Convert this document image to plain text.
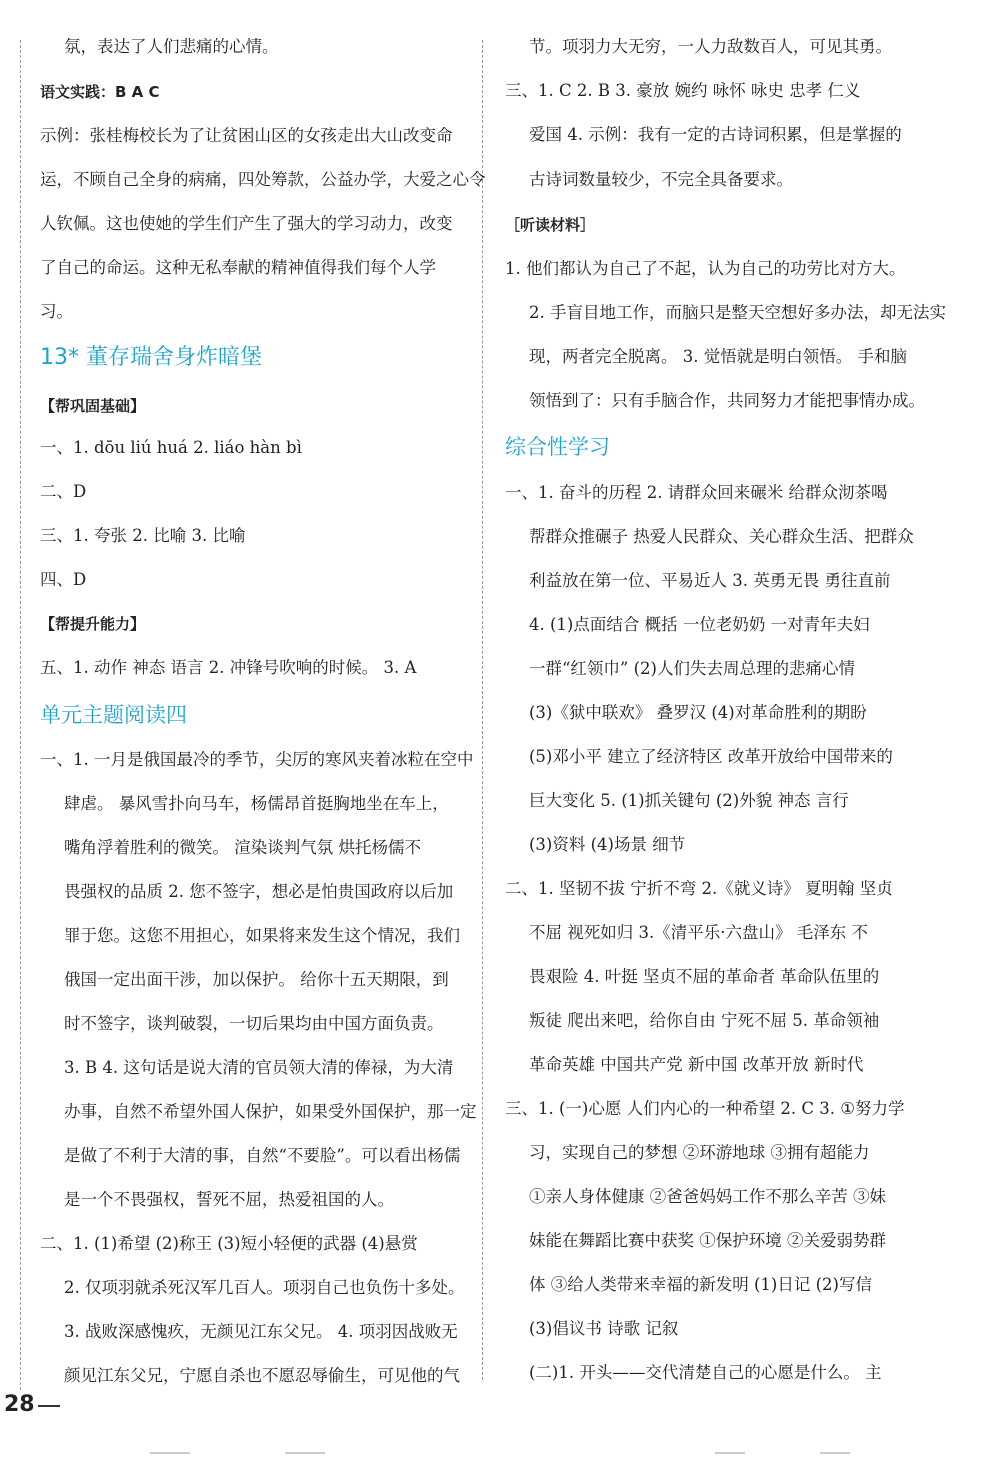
氛，表达了人们悲痛的心情。
语文实践：B A C
示例：张桂梅校长为了让贫困山区的女孩走出大山改变命
运，不顾自己全身的病痛，四处筹款，公益办学，大爱之心令
人钦佩。这也使她的学生们产生了强大的学习动力，改变
了自己的命运。这种无私奉献的精神值得我们每个人学
习。
13* 董存瑞舍身炸暗堡
【帮巩固基础】
一、1. dōu liú huá 2. liáo hàn bì
二、D
三、1. 夸张 2. 比喻 3. 比喻
四、D
【帮提升能力】
五、1. 动作 神态 语言 2. 冲锋号吹响的时候。 3. A
单元主题阅读四
一、1. 一月是俄国最冷的季节，尖厉的寒风夹着冰粒在空中
肆虐。 暴风雪扑向马车，杨儒昂首挺胸地坐在车上，
嘴角浮着胜利的微笑。 渲染谈判气氛 烘托杨儒不
畏强权的品质 2. 您不签字，想必是怕贵国政府以后加
罪于您。这您不用担心，如果将来发生这个情况，我们
俄国一定出面干涉，加以保护。 给你十五天期限，到
时不签字，谈判破裂，一切后果均由中国方面负责。
3. B 4. 这句话是说大清的官员领大清的俸禄，为大清
办事，自然不希望外国人保护，如果受外国保护，那一定
是做了不利于大清的事，自然“不要脸”。可以看出杨儒
是一个不畏强权，誓死不屈，热爱祖国的人。
二、1. (1)希望 (2)称王 (3)短小轻便的武器 (4)悬赏
2. 仅项羽就杀死汉军几百人。项羽自己也负伤十多处。
3. 战败深感愧疚，无颜见江东父兄。 4. 项羽因战败无
颜见江东父兄，宁愿自杀也不愿忍辱偷生，可见他的气
节。项羽力大无穷，一人力敌数百人，可见其勇。
三、1. C 2. B 3. 豪放 婉约 咏怀 咏史 忠孝 仁义
爱国 4. 示例：我有一定的古诗词积累，但是掌握的
古诗词数量较少，不完全具备要求。
［听读材料］
1. 他们都认为自己了不起，认为自己的功劳比对方大。
2. 手盲目地工作，而脑只是整天空想好多办法，却无法实
现，两者完全脱离。 3. 觉悟就是明白领悟。 手和脑
领悟到了：只有手脑合作，共同努力才能把事情办成。
综合性学习
一、1. 奋斗的历程 2. 请群众回来碾米 给群众沏茶喝
帮群众推碾子 热爱人民群众、关心群众生活、把群众
利益放在第一位、平易近人 3. 英勇无畏 勇往直前
4. (1)点面结合 概括 一位老奶奶 一对青年夫妇
一群“红领巾” (2)人们失去周总理的悲痛心情
(3)《狱中联欢》 叠罗汉 (4)对革命胜利的期盼
(5)邓小平 建立了经济特区 改革开放给中国带来的
巨大变化 5. (1)抓关键句 (2)外貌 神态 言行
(3)资料 (4)场景 细节
二、1. 坚韧不拔 宁折不弯 2.《就义诗》 夏明翰 坚贞
不屈 视死如归 3.《清平乐·六盘山》 毛泽东 不
畏艰险 4. 叶挺 坚贞不屈的革命者 革命队伍里的
叛徒 爬出来吧，给你自由 宁死不屈 5. 革命领袖
革命英雄 中国共产党 新中国 改革开放 新时代
三、1. (一)心愿 人们内心的一种希望 2. C 3. ①努力学
习，实现自己的梦想 ②环游地球 ③拥有超能力
①亲人身体健康 ②爸爸妈妈工作不那么辛苦 ③妹
妹能在舞蹈比赛中获奖 ①保护环境 ②关爱弱势群
体 ③给人类带来幸福的新发明 (1)日记 (2)写信
(3)倡议书 诗歌 记叙
(二)1. 开头——交代清楚自己的心愿是什么。 主
28
